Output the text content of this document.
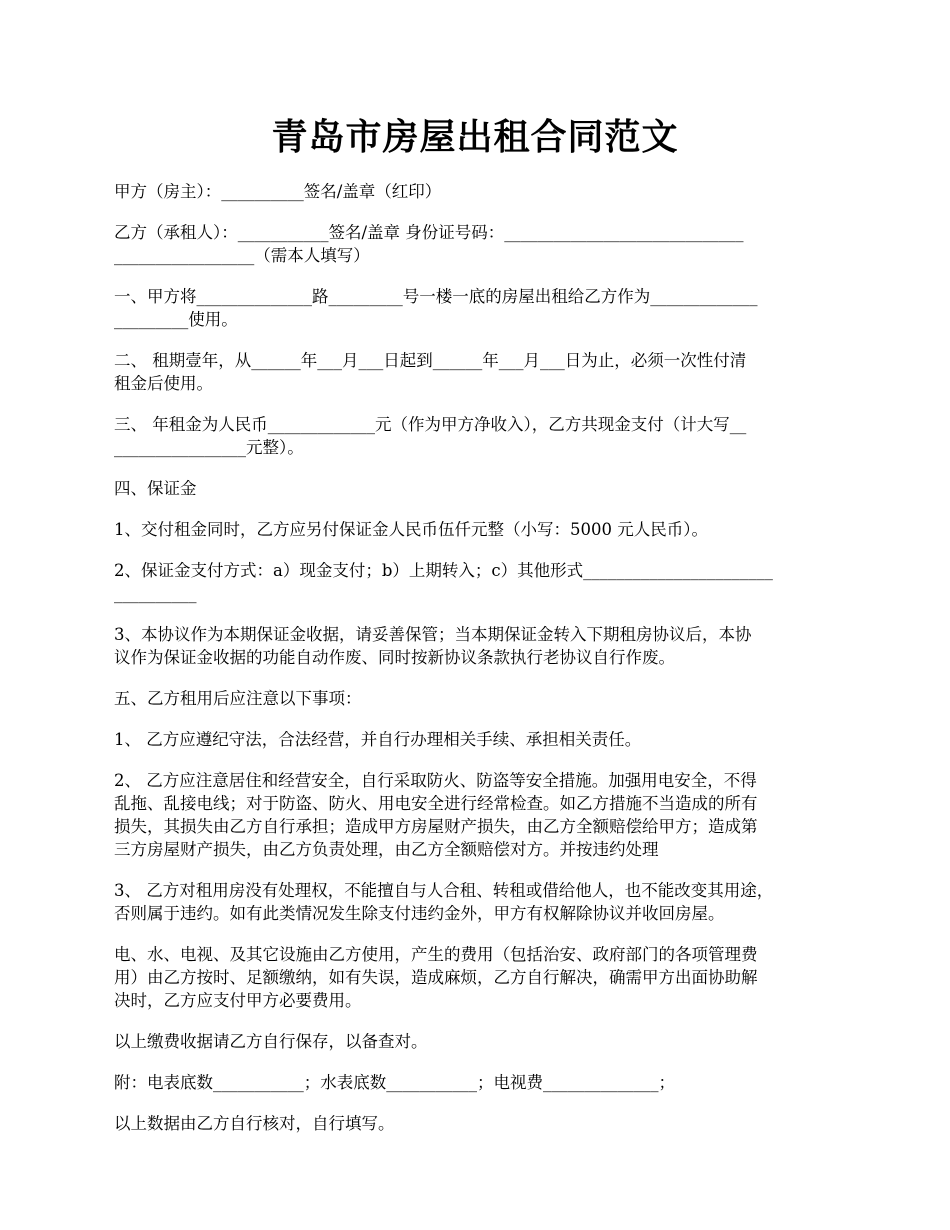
青岛市房屋出租合同范文

甲方（房主）：__________签名/盖章（红印）

乙方（承租人）：___________签名/盖章 身份证号码：_____________________________
_________________（需本人填写）

一、甲方将______________路_________号一楼一底的房屋出租给乙方作为_____________
_________使用。

二、 租期壹年，从______年___月___日起到______年___月___日为止，必须一次性付清
租金后使用。

三、 年租金为人民币_____________元（作为甲方净收入），乙方共现金支付（计大写__
________________元整）。

四、保证金

1、交付租金同时，乙方应另付保证金人民币伍仟元整（小写：5000 元人民币）。

2、保证金支付方式：a）现金支付；b）上期转入；c）其他形式_______________________
__________

3、本协议作为本期保证金收据，请妥善保管；当本期保证金转入下期租房协议后，本协
议作为保证金收据的功能自动作废、同时按新协议条款执行老协议自行作废。

五、乙方租用后应注意以下事项：

1、 乙方应遵纪守法，合法经营，并自行办理相关手续、承担相关责任。

2、 乙方应注意居住和经营安全，自行采取防火、防盗等安全措施。加强用电安全，不得
乱拖、乱接电线；对于防盗、防火、用电安全进行经常检查。如乙方措施不当造成的所有
损失，其损失由乙方自行承担；造成甲方房屋财产损失，由乙方全额赔偿给甲方；造成第
三方房屋财产损失，由乙方负责处理，由乙方全额赔偿对方。并按违约处理

3、 乙方对租用房没有处理权，不能擅自与人合租、转租或借给他人，也不能改变其用途，
否则属于违约。如有此类情况发生除支付违约金外，甲方有权解除协议并收回房屋。

电、水、电视、及其它设施由乙方使用，产生的费用（包括治安、政府部门的各项管理费
用）由乙方按时、足额缴纳，如有失误，造成麻烦，乙方自行解决，确需甲方出面协助解
决时，乙方应支付甲方必要费用。

以上缴费收据请乙方自行保存，以备查对。

附：电表底数___________；水表底数___________；电视费______________；

以上数据由乙方自行核对，自行填写。
